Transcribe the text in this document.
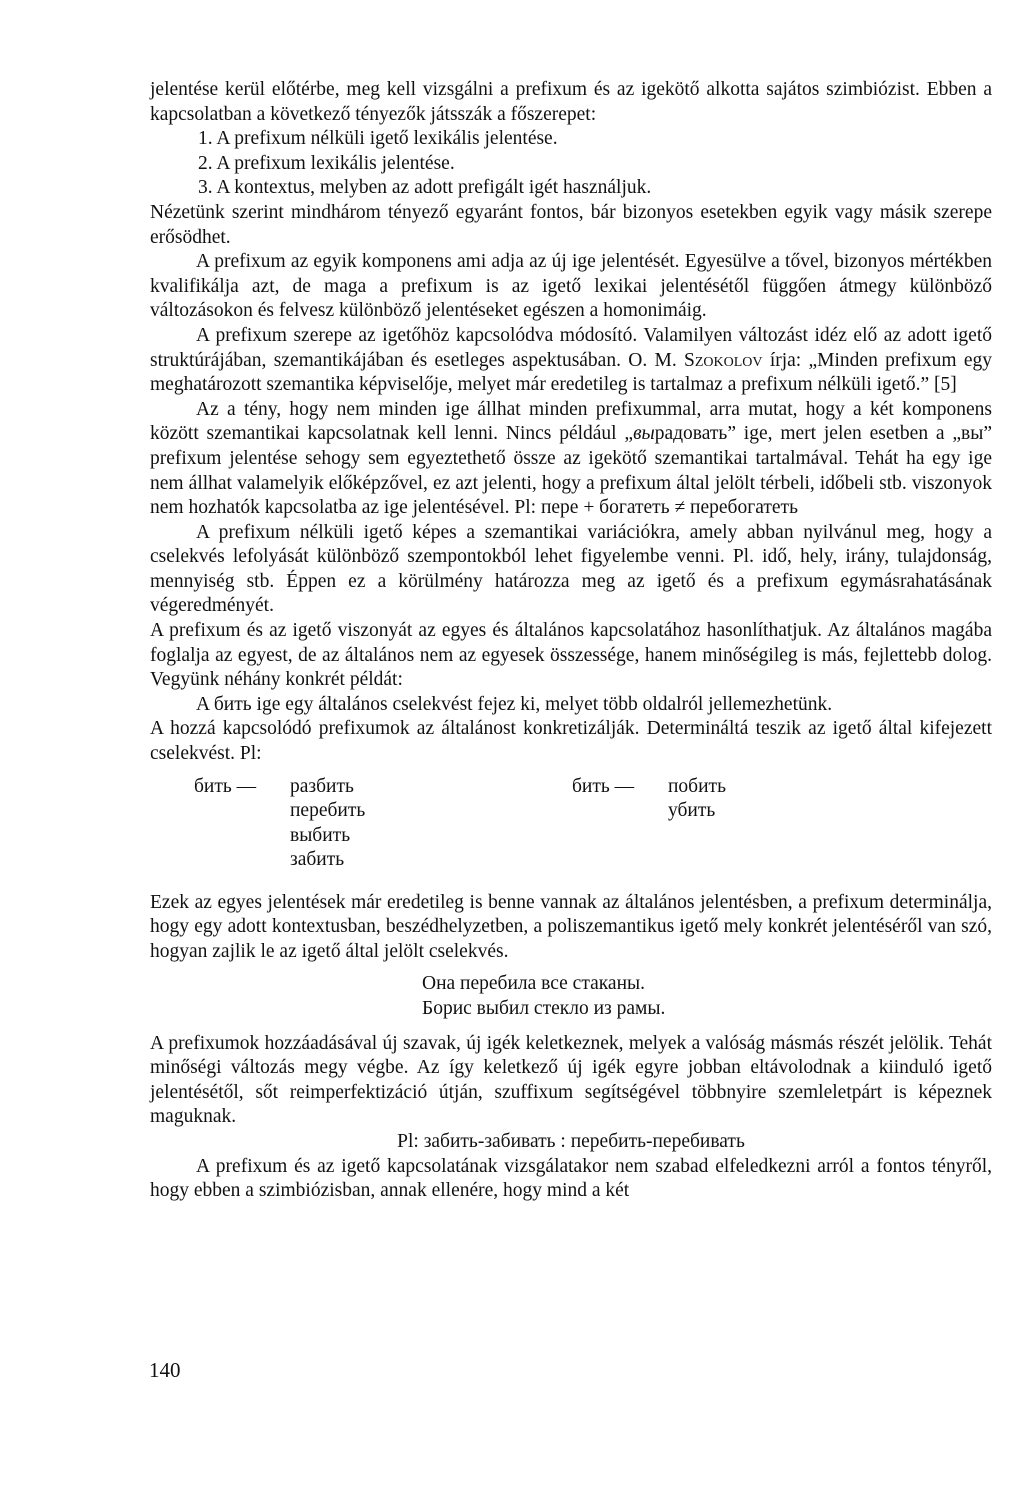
jelentése kerül előtérbe, meg kell vizsgálni a prefixum és az igekötő alkotta sajátos szimbiózist. Ebben a kapcsolatban a következő tényezők játsszák a főszerepet:

1. A prefixum nélküli igető lexikális jelentése.

2. A prefixum lexikális jelentése.

3. A kontextus, melyben az adott prefigált igét használjuk.

Nézetünk szerint mindhárom tényező egyaránt fontos, bár bizonyos esetekben egyik vagy másik szerepe erősödhet.

A prefixum az egyik komponens ami adja az új ige jelentését. Egyesülve a tővel, bizonyos mértékben kvalifikálja azt, de maga a prefixum is az igető lexikai jelentésétől függően átmegy különböző változásokon és felvesz különböző jelentéseket egészen a homonimáig.

A prefixum szerepe az igetőhöz kapcsolódva módosító. Valamilyen változást idéz elő az adott igető struktúrájában, szemantikájában és esetleges aspektusában. O. M. Szokolov írja: „Minden prefixum egy meghatározott szemantika képviselője, melyet már eredetileg is tartalmaz a prefixum nélküli igető.” [5]

Az a tény, hogy nem minden ige állhat minden prefixummal, arra mutat, hogy a két komponens között szemantikai kapcsolatnak kell lenni. Nincs például „вырадовать” ige, mert jelen esetben a „вы” prefixum jelentése sehogy sem egyeztethető össze az igekötő szemantikai tartalmával. Tehát ha egy ige nem állhat valamelyik előképzővel, ez azt jelenti, hogy a prefixum által jelölt térbeli, időbeli stb. viszonyok nem hozhatók kapcsolatba az ige jelentésével. Pl: пере + богатеть ≠ перебогатеть

A prefixum nélküli igető képes a szemantikai variációkra, amely abban nyilvánul meg, hogy a cselekvés lefolyását különböző szempontokból lehet figyelembe venni. Pl. idő, hely, irány, tulajdonság, mennyiség stb. Éppen ez a körülmény határozza meg az igető és a prefixum egymásrahatásának végeredményét.

A prefixum és az igető viszonyát az egyes és általános kapcsolatához hasonlíthatjuk. Az általános magába foglalja az egyest, de az általános nem az egyesek összessége, hanem minőségileg is más, fejlettebb dolog. Vegyünk néhány konkrét példát:

A бить ige egy általános cselekvést fejez ki, melyet több oldalról jellemezhetünk.

A hozzá kapcsolódó prefixumok az általánost konkretizálják. Determináltá teszik az igető által kifejezett cselekvést. Pl:

бить — разбить
перебить
выбить
забить
бить — побить
убить

Ezek az egyes jelentések már eredetileg is benne vannak az általános jelentésben, a prefixum determinálja, hogy egy adott kontextusban, beszédhelyzetben, a poliszemantikus igető mely konkrét jelentéséről van szó, hogyan zajlik le az igető által jelölt cselekvés.

Она перебила все стаканы.
Борис выбил стекло из рамы.

A prefixumok hozzáadásával új szavak, új igék keletkeznek, melyek a valóság másmás részét jelölik. Tehát minőségi változás megy végbe. Az így keletkező új igék egyre jobban eltávolodnak a kiinduló igető jelentésétől, sőt reimperfektizáció útján, szuffixum segítségével többnyire szemleletpárt is képeznek maguknak.

Pl: забить-забивать : перебить-перебивать

A prefixum és az igető kapcsolatának vizsgálatakor nem szabad elfeledkezni arról a fontos tényről, hogy ebben a szimbiózisban, annak ellenére, hogy mind a két

140
